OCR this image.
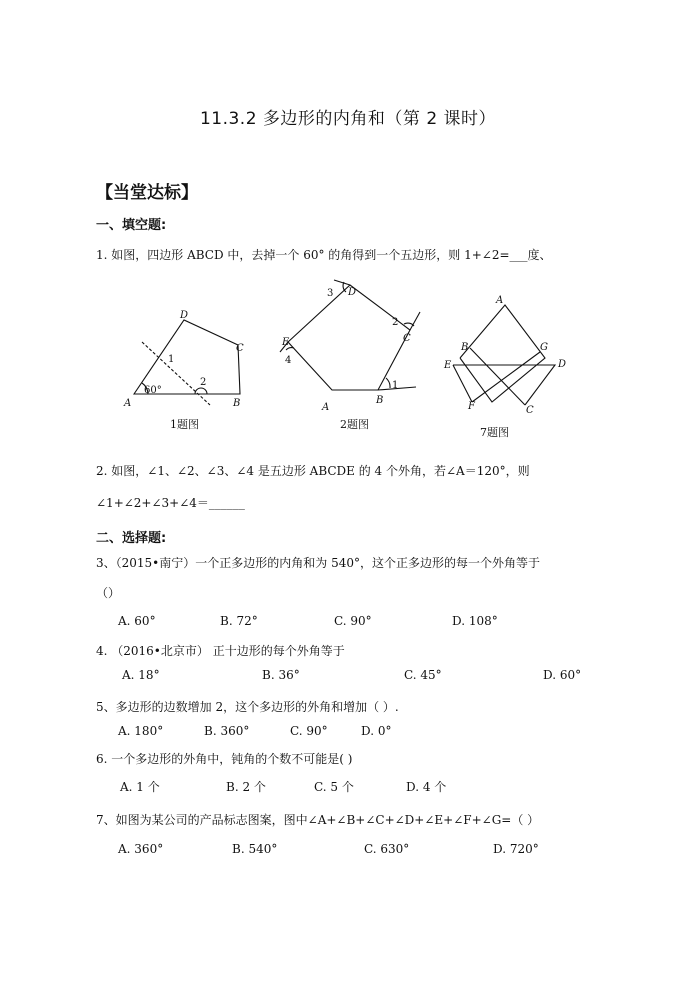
11.3.2 多边形的内角和（第 2 课时）
【当堂达标】
一、填空题:
1. 如图，四边形 ABCD 中，去掉一个 60° 的角得到一个五边形，则 1+∠2=___度、
A	B
C
D
60°
1
2
A
B
C
D
E
1
2
3
4
A
B
C
D
E
F
G
1题图	2题图
7题图
2. 如图，∠1、∠2、∠3、∠4 是五边形 ABCDE 的 4 个外角，若∠A＝120°，则
∠1+∠2+∠3+∠4＝______
二、选择题:
3、（2015•南宁）一个正多边形的内角和为 540°，这个正多边形的每一个外角等于
（）
A. 60°	B. 72°	C. 90°	D. 108°
4. （2016•北京市） 正十边形的每个外角等于
A. 18°	B. 36°	C. 45°	D. 60°
5、多边形的边数增加 2，这个多边形的外角和增加（ ）.
A. 180°	B. 360°	C. 90°	D. 0°
6. 一个多边形的外角中，钝角的个数不可能是( )
A. 1 个	B. 2 个	C. 5 个	D. 4 个
7、如图为某公司的产品标志图案，图中∠A+∠B+∠C+∠D+∠E+∠F+∠G=（ ）
A. 360°	B. 540°	C. 630°	D. 720°
